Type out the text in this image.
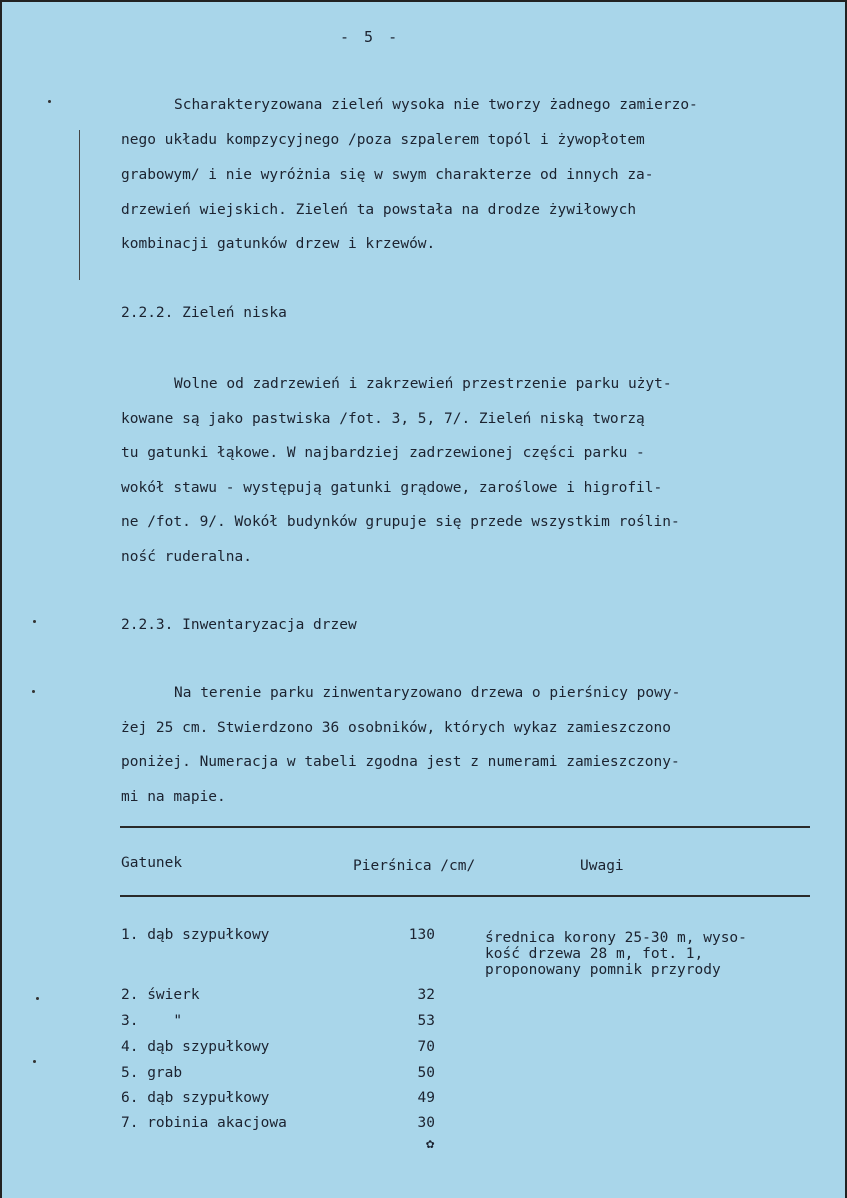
- 5 -
Scharakteryzowana zieleń wysoka nie tworzy żadnego zamierzo-
nego układu kompzycyjnego /poza szpalerem topól i żywopłotem
grabowym/ i nie wyróżnia się w swym charakterze od innych za-
drzewień wiejskich. Zieleń ta powstała na drodze żywiłowych
kombinacji gatunków drzew i krzewów.
2.2.2. Zieleń niska
Wolne od zadrzewień i zakrzewień przestrzenie parku użyt-
kowane są jako pastwiska /fot. 3, 5, 7/. Zieleń niską tworzą
tu gatunki łąkowe. W najbardziej zadrzewionej części parku -
wokół stawu - występują gatunki grądowe, zaroślowe i higrofil-
ne /fot. 9/. Wokół budynków grupuje się przede wszystkim roślin-
ność ruderalna.
2.2.3. Inwentaryzacja drzew
Na terenie parku zinwentaryzowano drzewa o pierśnicy powy-
żej 25 cm. Stwierdzono 36 osobników, których wykaz zamieszczono
poniżej. Numeracja w tabeli zgodna jest z numerami zamieszczony-
mi na mapie.
Gatunek	Pierśnica /cm/	Uwagi
1. dąb szypułkowy	130	średnica korony 25-30 m, wyso-
kość drzewa 28 m, fot. 1,
proponowany pomnik przyrody
2. świerk	32
3.    "	53
4. dąb szypułkowy	70
5. grab	50
6. dąb szypułkowy	49
7. robinia akacjowa	30
✿
